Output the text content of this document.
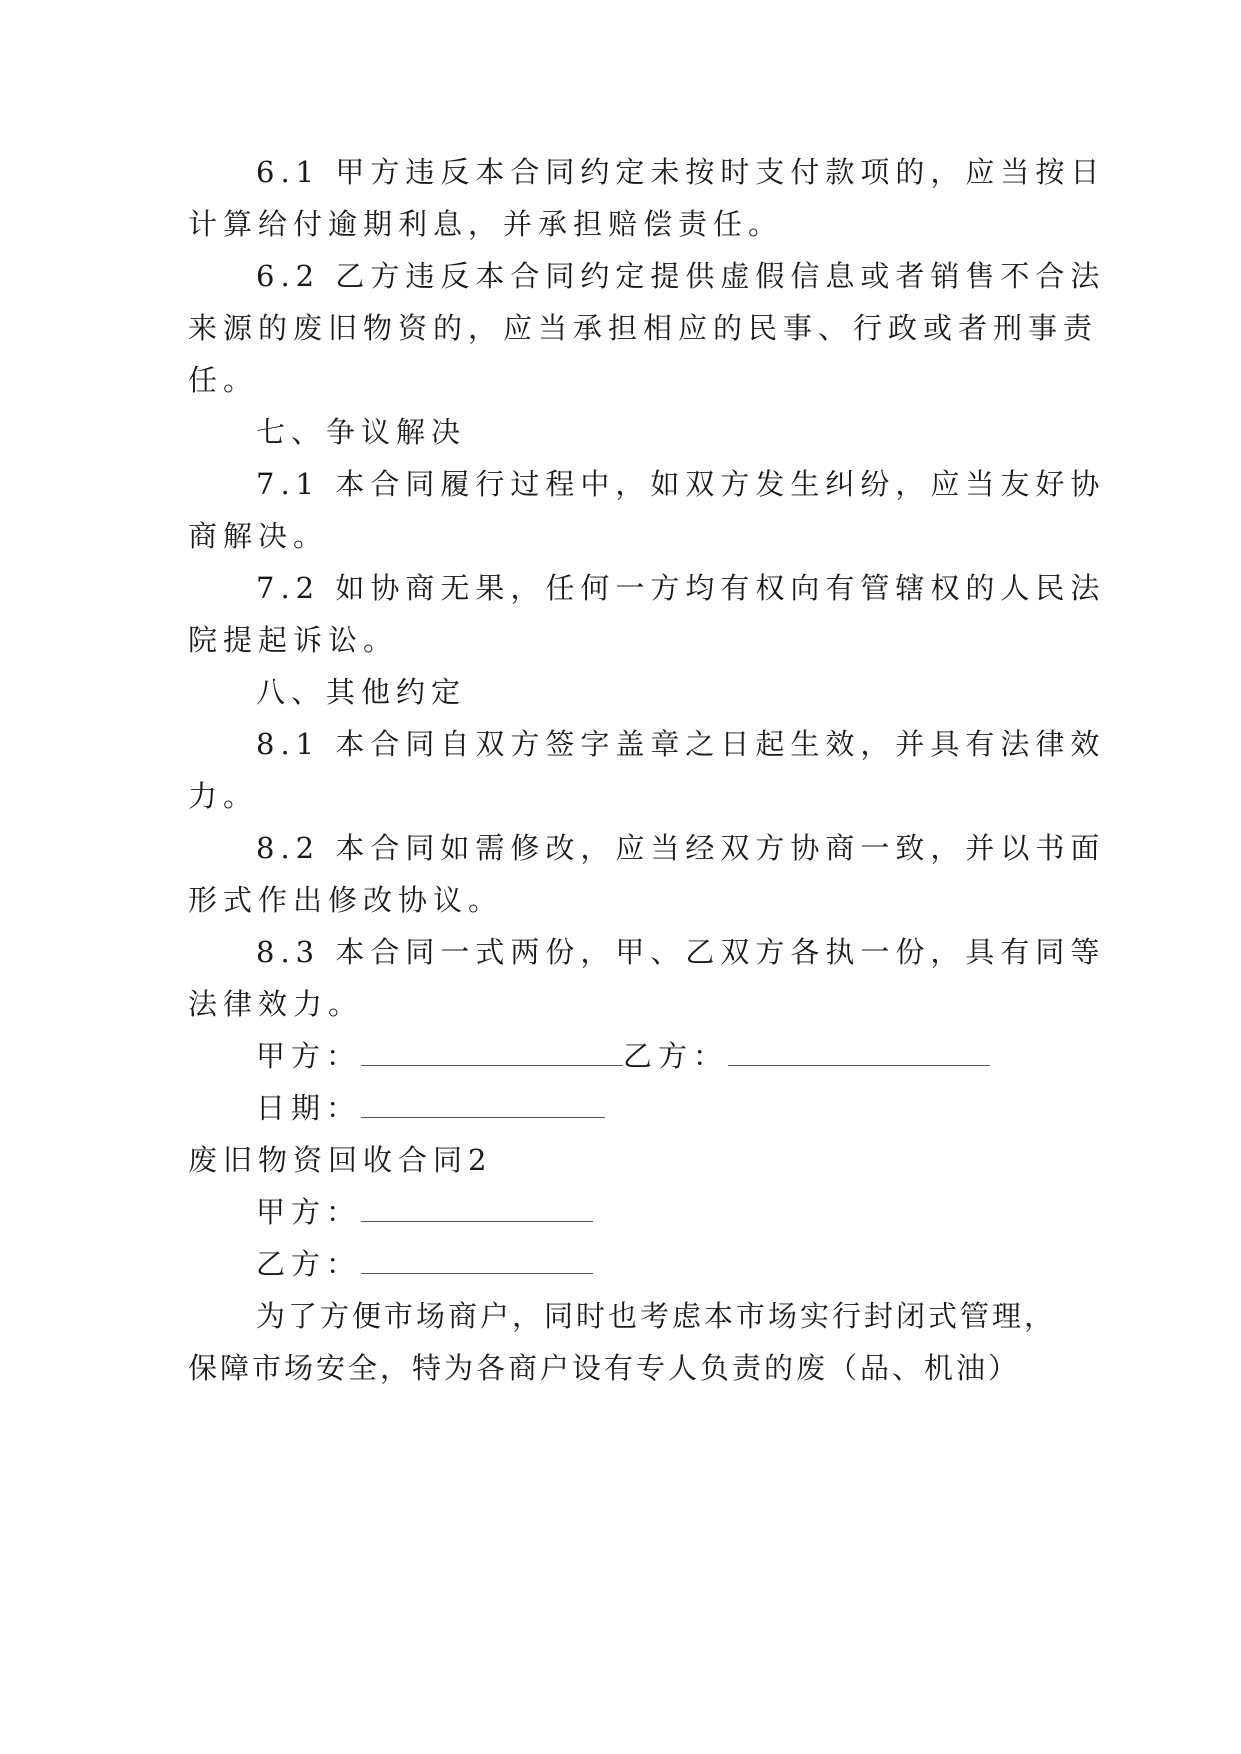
6.1 甲方违反本合同约定未按时支付款项的，应当按日
计算给付逾期利息，并承担赔偿责任。
6.2 乙方违反本合同约定提供虚假信息或者销售不合法
来源的废旧物资的，应当承担相应的民事、行政或者刑事责
任。
七、争议解决
7.1 本合同履行过程中，如双方发生纠纷，应当友好协
商解决。
7.2 如协商无果，任何一方均有权向有管辖权的人民法
院提起诉讼。
八、其他约定
8.1 本合同自双方签字盖章之日起生效，并具有法律效
力。
8.2 本合同如需修改，应当经双方协商一致，并以书面
形式作出修改协议。
8.3 本合同一式两份，甲、乙双方各执一份，具有同等
法律效力。
甲方：	乙方：
日期：
废旧物资回收合同2
甲方：
乙方：
为了方便市场商户，同时也考虑本市场实行封闭式管理，
保障市场安全，特为各商户设有专人负责的废（品、机油）
